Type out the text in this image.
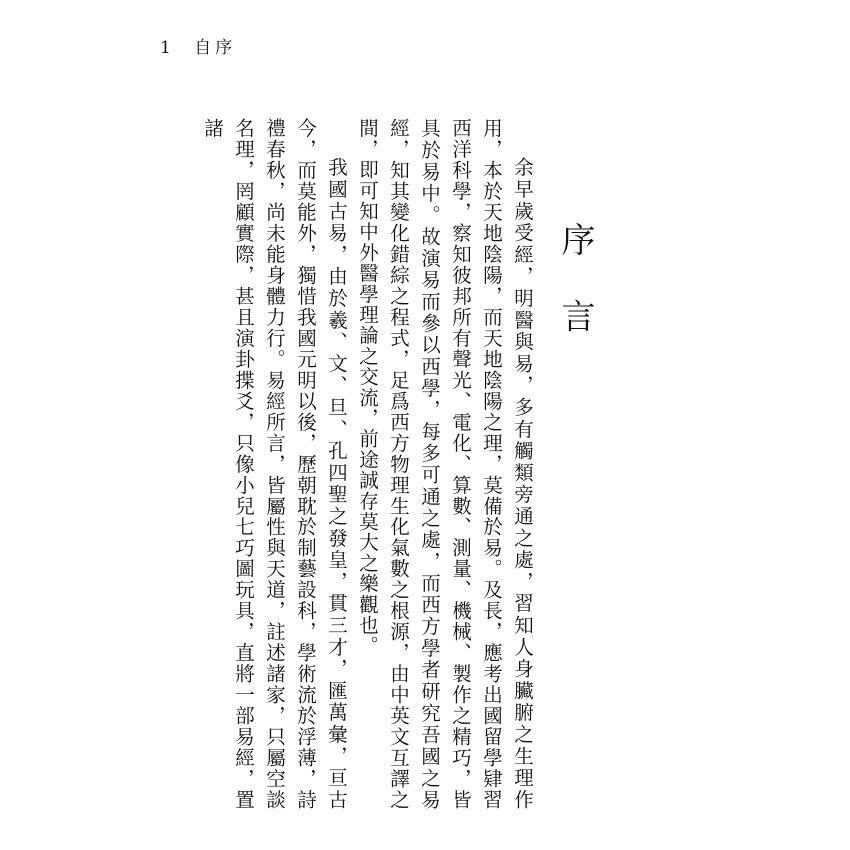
1 自序
序 言

余早歲受經，明醫與易，多有觸類旁通之處，習知人身臟腑之生理作用，本於天地陰陽，而天地陰陽之理，莫備於易。及長，應考出國留學肄習西洋科學，察知彼邦所有聲光、電化、算數、測量、機械、製作之精巧，皆具於易中。故演易而參以西學，每多可通之處，而西方學者研究吾國之易經，知其變化錯綜之程式，足爲西方物理生化氣數之根源，由中英文互譯之間，即可知中外醫學理論之交流，前途誠存莫大之樂觀也。

我國古易，由於羲、文、旦、孔四聖之發皇，貫三才，匯萬彙，亘古今，而莫能外，獨惜我國元明以後，歷朝耽於制藝設科，學術流於浮薄，詩禮春秋，尚未能身體力行。易經所言，皆屬性與天道，註述諸家，只屬空談名理，罔顧實際，甚且演卦揲爻，只像小兒七巧圖玩具，直將一部易經，置諸
